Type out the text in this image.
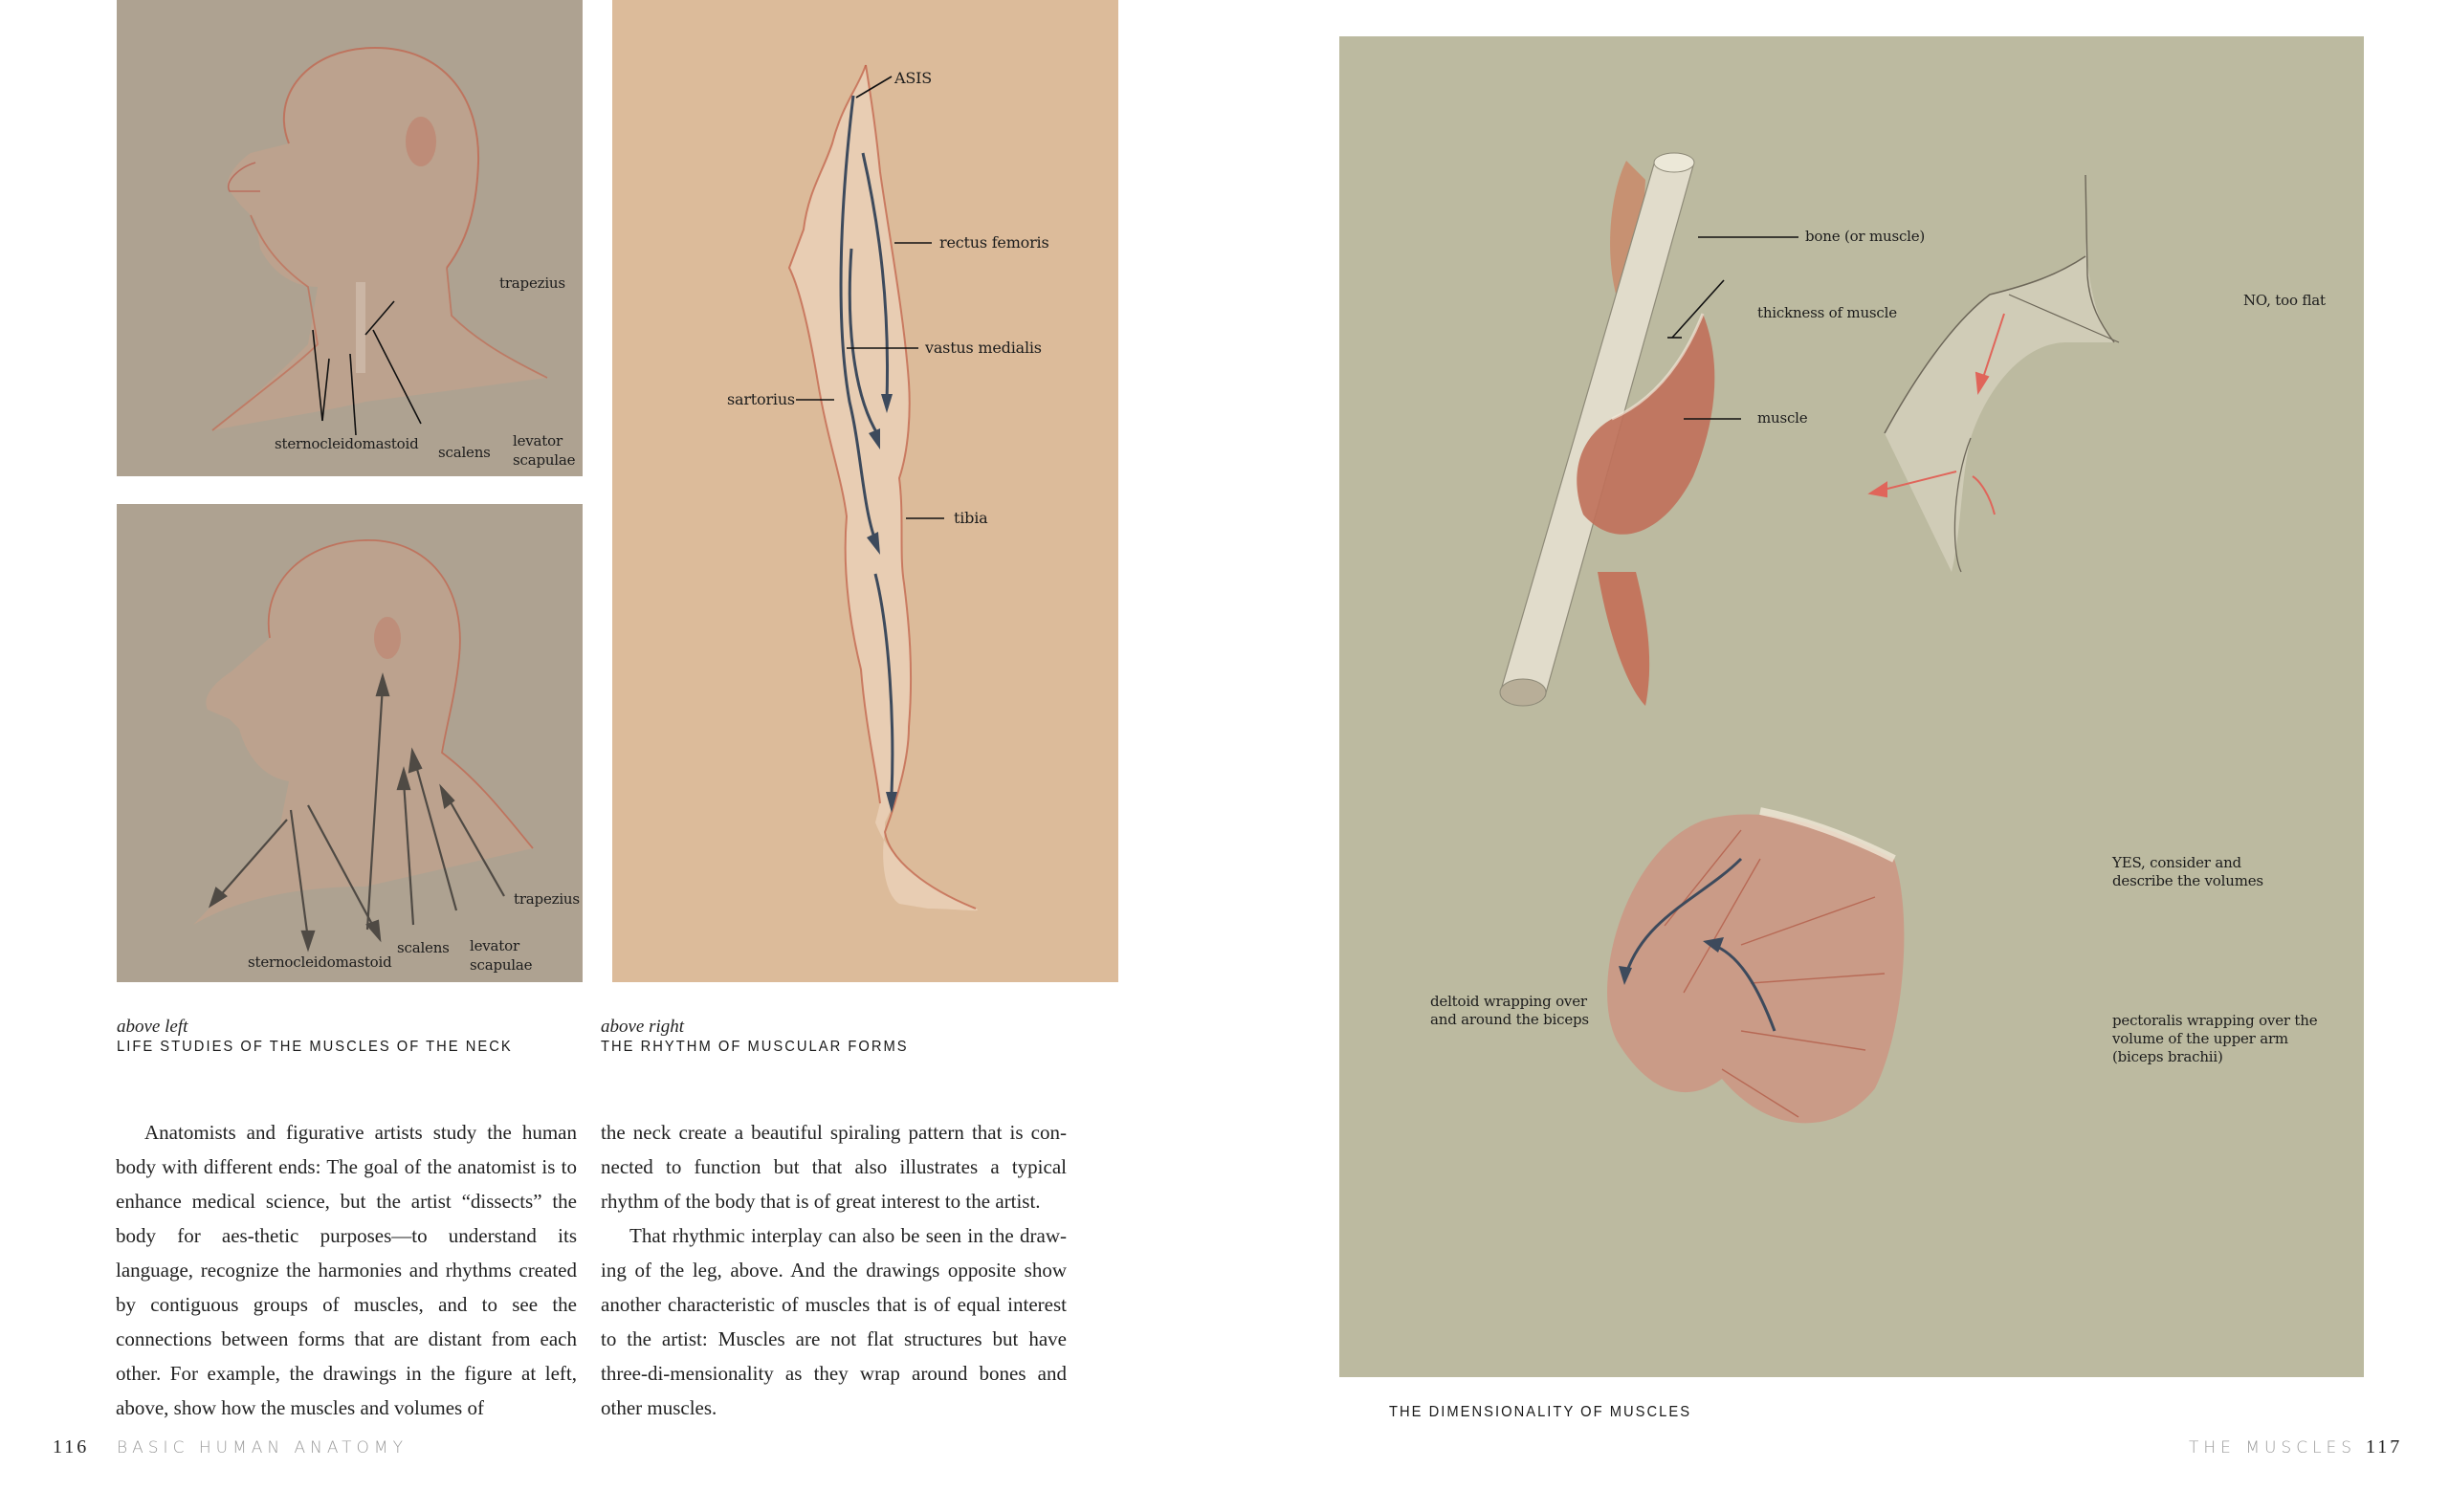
trapezius
sternocleidomastoid scalens
levator
scapulae
trapezius
sternocleidomastoid
scalens levator
scapulae
ASIS
rectus femoris
vastus medialis
sartorius
tibia
above left
LIFE STUDIES OF THE MUSCLES OF THE NECK
above right
THE RHYTHM OF MUSCULAR FORMS

Anatomists and figurative artists study the human body with different ends: The goal of the anatomist is to enhance medical science, but the artist “dissects” the body for aes-thetic purposes—to understand its language, recognize the harmonies and rhythms created by contiguous groups of muscles, and to see the connections between forms that are distant from each other. For example, the drawings in the figure at left, above, show how the muscles and volumes of

the neck create a beautiful spiraling pattern that is con-nected to function but that also illustrates a typical rhythm of the body that is of great interest to the artist.

That rhythmic interplay can also be seen in the draw-ing of the leg, above. And the drawings opposite show another characteristic of muscles that is of equal interest to the artist: Muscles are not flat structures but have three-di-mensionality as they wrap around bones and other muscles.

116 BASIC HUMAN ANATOMY
bone (or muscle)
thickness of muscle
muscle
NO, too flat
YES, consider and
describe the volumes
deltoid wrapping over
and around the biceps	pectoralis wrapping over the
volume of the upper arm
(biceps brachii)
THE DIMENSIONALITY OF MUSCLES
THE MUSCLES 117
